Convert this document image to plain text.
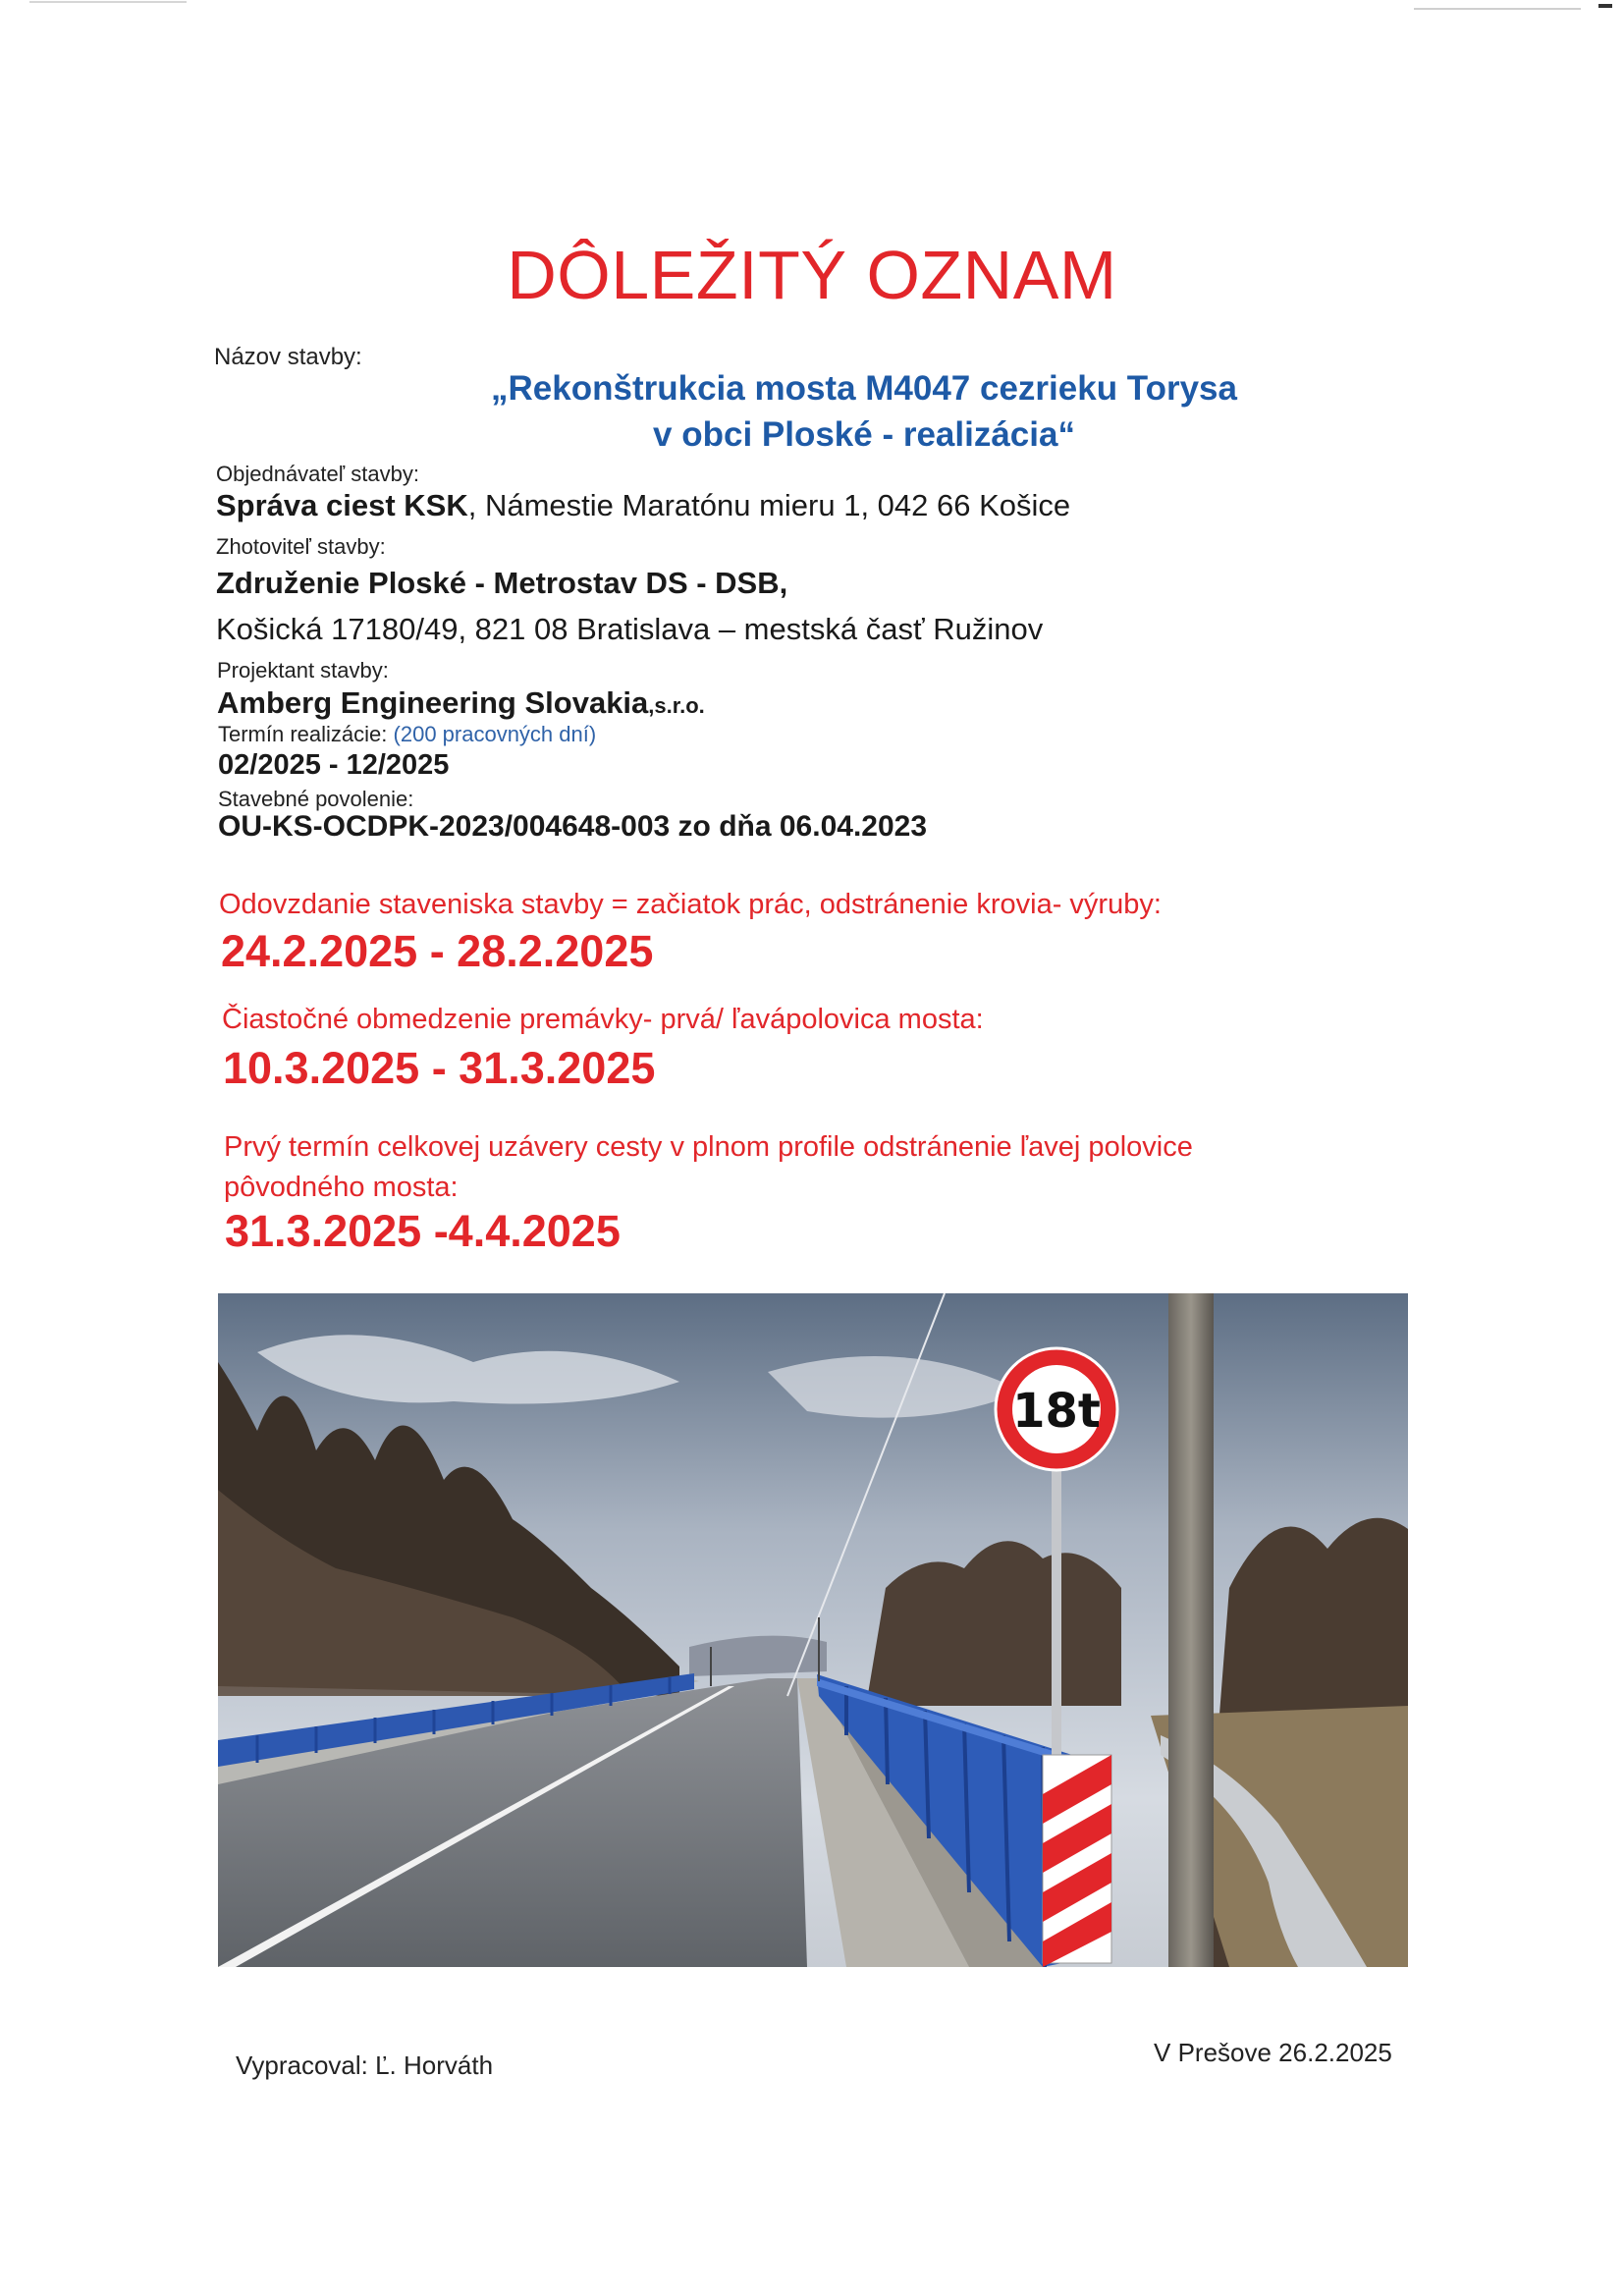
DÔLEŽITÝ OZNAM
Názov stavby:
„Rekonštrukcia mosta M4047 cezrieku Torysa
v obci Ploské - realizácia“
Objednávateľ stavby:
Správa ciest KSK, Námestie Maratónu mieru 1, 042 66 Košice
Zhotoviteľ stavby:
Združenie Ploské - Metrostav DS - DSB,
Košická 17180/49, 821 08 Bratislava – mestská časť Ružinov
Projektant stavby:
Amberg Engineering Slovakia,s.r.o.
Termín realizácie: (200 pracovných dní)
02/2025 - 12/2025
Stavebné povolenie:
OU-KS-OCDPK-2023/004648-003 zo dňa 06.04.2023
Odovzdanie staveniska stavby = začiatok prác, odstránenie krovia- výruby:
24.2.2025 - 28.2.2025
Čiastočné obmedzenie premávky- prvá/ ľavápolovica mosta:
10.3.2025 - 31.3.2025
Prvý termín celkovej uzávery cesty v plnom profile odstránenie ľavej polovice
pôvodného mosta:
31.3.2025 -4.4.2025
18t
Vypracoval: Ľ. Horváth	V Prešove 26.2.2025
